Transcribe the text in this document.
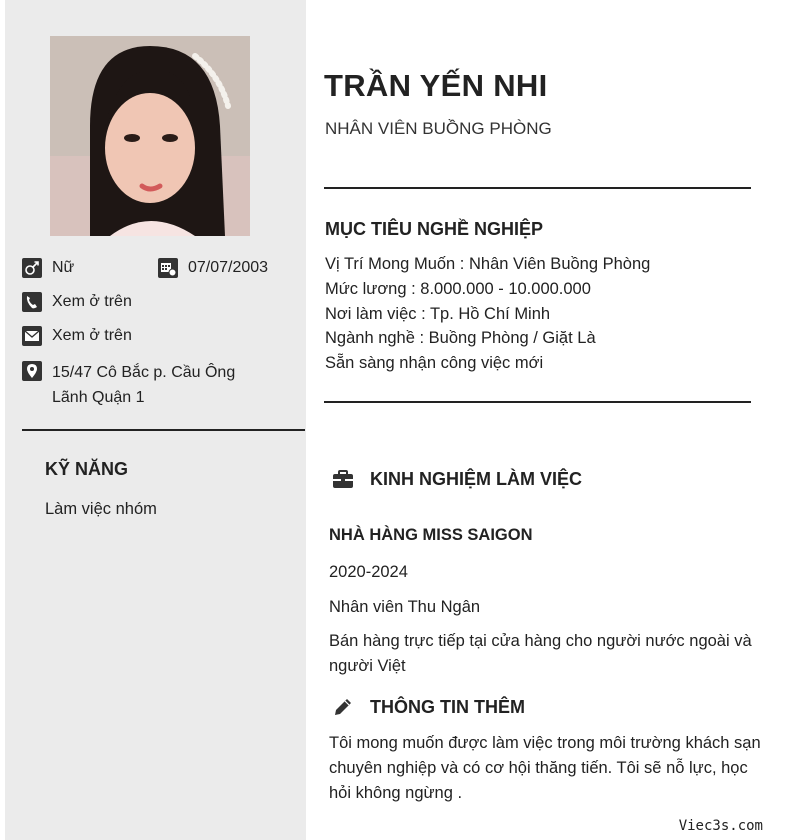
Nữ	07/07/2003
Xem ở trên
Xem ở trên
15/47 Cô Bắc p. Cầu Ông
Lãnh Quận 1
KỸ NĂNG
Làm việc nhóm
TRẦN YẾN NHI
NHÂN VIÊN BUỒNG PHÒNG
MỤC TIÊU NGHỀ NGHIỆP
Vị Trí Mong Muốn : Nhân Viên Buồng Phòng
Mức lương : 8.000.000 - 10.000.000
Nơi làm việc : Tp. Hồ Chí Minh
Ngành nghề : Buồng Phòng / Giặt Là
Sẵn sàng nhận công việc mới
KINH NGHIỆM LÀM VIỆC
NHÀ HÀNG MISS SAIGON
2020-2024
Nhân viên Thu Ngân
Bán hàng trực tiếp tại cửa hàng cho người nước ngoài và người Việt
THÔNG TIN THÊM
Tôi mong muốn được làm việc trong môi trường khách sạn chuyên nghiệp và có cơ hội thăng tiến. Tôi sẽ nỗ lực, học hỏi không ngừng .
Viec3s.com
